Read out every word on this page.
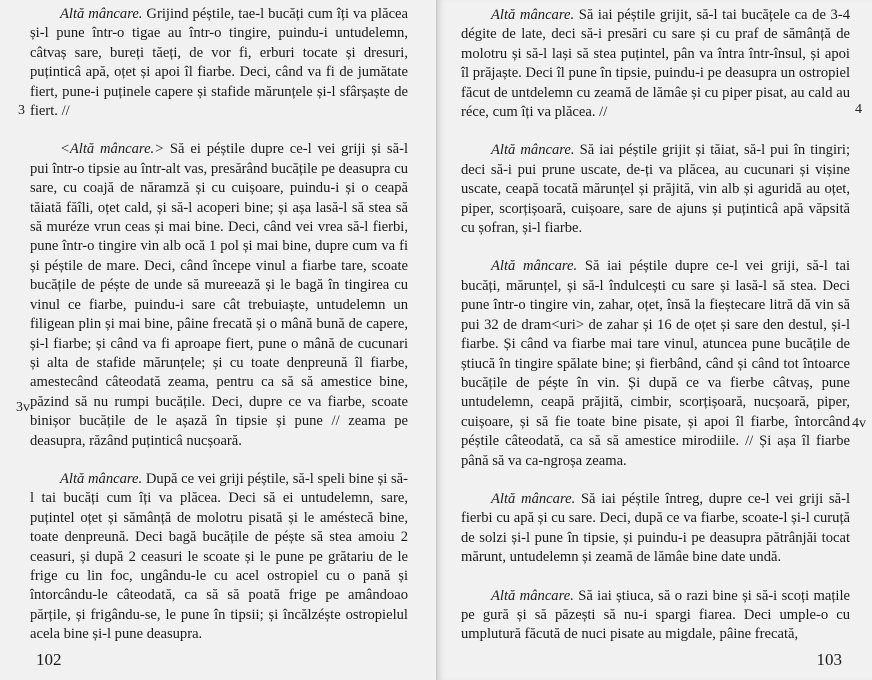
Altă mâncare. Grijind péștile, tae-l bucăți cum îți va plăcea și-l pune într-o tigae au într-o tingire, puindu-i untudelemn, câtvaș sare, bureți tăeți, de vor fi, erburi tocate și dresuri, puținticâ apă, oțet și apoi îl fiarbe. Deci, când va fi de jumătate fiert, pune-i puținele capere și stafide mărunțele și-l sfârșaște de fiert. //

<Altă mâncare.> Să ei péștile dupre ce-l vei griji și să-l pui într-o tipsie au într-alt vas, presărând bucățile pe deasupra cu sare, cu coajă de năramză și cu cuișoare, puindu-i și o ceapă tăiată făîli, oțet cald, și să-l acoperi bine; și așa lasă-l să stea să să muréze vrun ceas și mai bine. Deci, când vei vrea să-l fierbi, pune într-o tingire vin alb ocă 1 pol și mai bine, dupre cum va fi și péștile de mare. Deci, când începe vinul a fiarbe tare, scoate bucățile de péște de unde să mureează și le bagă în tingirea cu vinul ce fiarbe, puindu-i sare cât trebuiaște, untudelemn un filigean plin și mai bine, pâine frecată și o mână bună de capere, și-l fiarbe; și când va fi aproape fiert, pune o mână de cucunari și alta de stafide mărunțele; și cu toate denpreună îl fiarbe, amestecând câteodată zeama, pentru ca să să amestice bine, păzind să nu rumpi bucățile. Deci, dupre ce va fiarbe, scoate binișor bucățile de le așază în tipsie și pune // zeama pe deasupra, răzând puținticâ nucșoară.

Altă mâncare. După ce vei griji péștile, să-l speli bine și să-l tai bucăți cum îți va plăcea. Deci să ei untudelemn, sare, puțintel oțet și sămânță de molotru pisată și le améstecă bine, toate denpreună. Deci bagă bucățile de péște să stea amoiu 2 ceasuri, și după 2 ceasuri le scoate și le pune pe grătariu de le frige cu lin foc, ungându-le cu acel ostropiel cu o pană și întorcându-le câteodată, ca să să poată frige pe amândoao părțile, și frigându-se, le pune în tipsii; și încălzéște ostropielul acela bine și-l pune deasupra.

3
3v
102

Altă mâncare. Să iai péștile grijit, să-l tai bucățele ca de 3-4 dégite de late, deci să-i presări cu sare și cu praf de sămânță de molotru și să-l lași să stea puțintel, pân va întra într-însul, și apoi îl prăjaște. Deci îl pune în tipsie, puindu-i pe deasupra un ostropiel făcut de untdelemn cu zeamă de lămâe și cu piper pisat, au cald au réce, cum îți va plăcea. //

Altă mâncare. Să iai péștile grijit și tăiat, să-l pui în tingiri; deci să-i pui prune uscate, de-ți va plăcea, au cucunari și vișine uscate, ceapă tocată mărunțel și prăjită, vin alb și aguridă au oțet, piper, scorțișoară, cuișoare, sare de ajuns și puținticâ apă văpsită cu șofran, și-l fiarbe.

Altă mâncare. Să iai péștile dupre ce-l vei griji, să-l tai bucăți, mărunțel, și să-l îndulcești cu sare și lasă-l să stea. Deci pune într-o tingire vin, zahar, oțet, însă la fieștecare litră dă vin să pui 32 de dram<uri> de zahar și 16 de oțet și sare den destul, și-l fiarbe. Și când va fiarbe mai tare vinul, atuncea pune bucățile de știucă în tingire spălate bine; și fierbând, când și când tot întoarce bucățile de péște în vin. Și după ce va fierbe câtvaș, pune untudelemn, ceapă prăjită, cimbir, scorțișoară, nucșoară, piper, cuișoare, și să fie toate bine pisate, și apoi îl fiarbe, întorcând péștile câteodată, ca să să amestice mirodiile. // Și așa îl fiarbe până să va ca-ngroșa zeama.

Altă mâncare. Să iai péștile întreg, dupre ce-l vei griji să-l fierbi cu apă și cu sare. Deci, după ce va fiarbe, scoate-l și-l curuță de solzi și-l pune în tipsie, și puindu-i pe deasupra pătrânjăi tocat mărunt, untudelemn și zeamă de lămâe bine date undă.

Altă mâncare. Să iai știuca, să o razi bine și să-i scoți mațile pe gură și să păzești să nu-i spargi fiarea. Deci umple-o cu umplutură făcută de nuci pisate au migdale, pâine frecată,

4
4v
103
